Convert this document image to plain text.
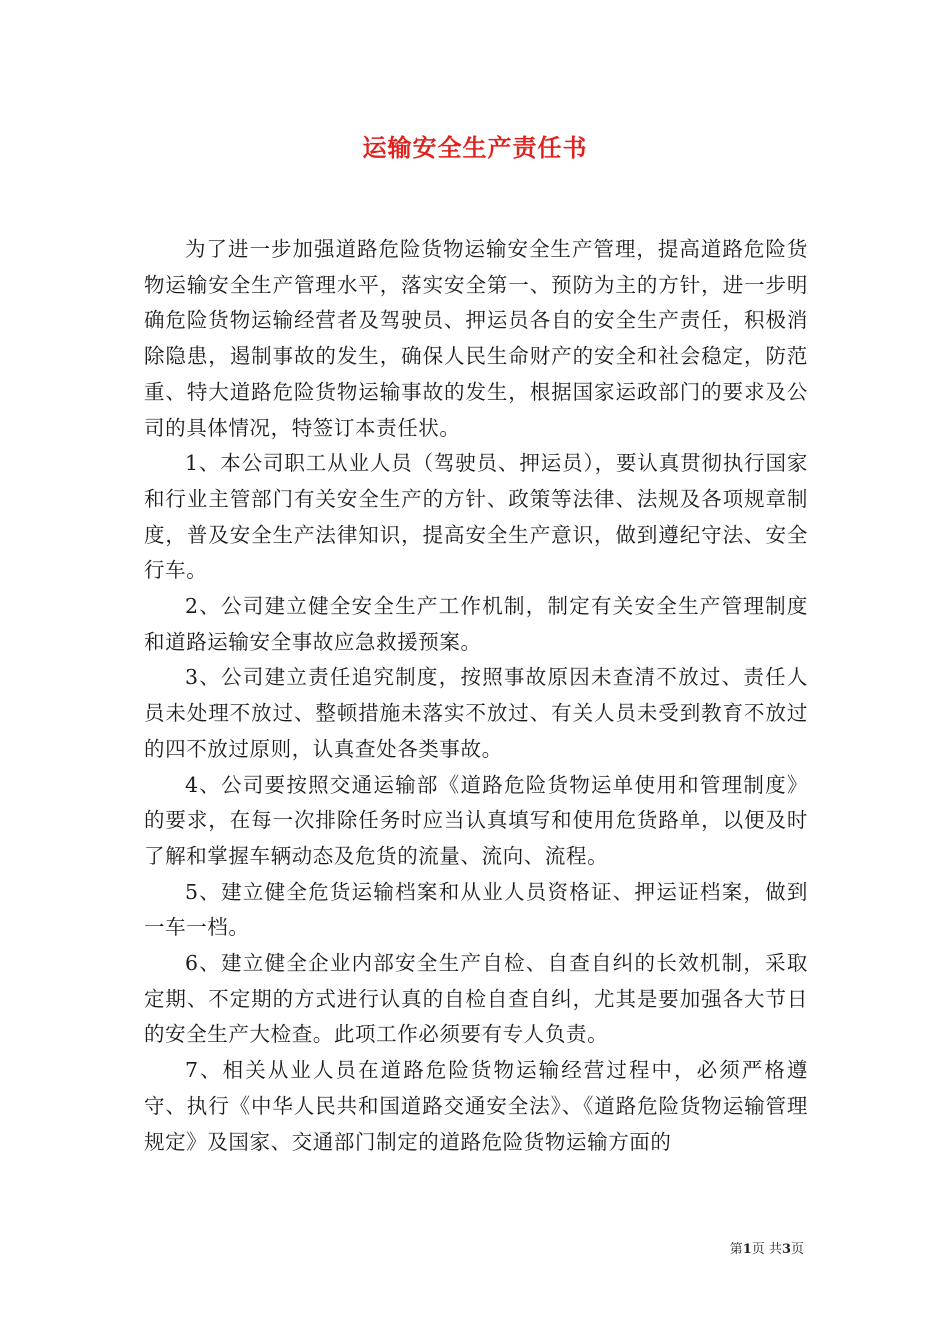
运输安全生产责任书

为了进一步加强道路危险货物运输安全生产管理，提高道路危险货物运输安全生产管理水平，落实安全第一、预防为主的方针，进一步明确危险货物运输经营者及驾驶员、押运员各自的安全生产责任，积极消除隐患，遏制事故的发生，确保人民生命财产的安全和社会稳定，防范重、特大道路危险货物运输事故的发生，根据国家运政部门的要求及公司的具体情况，特签订本责任状。

1、本公司职工从业人员（驾驶员、押运员），要认真贯彻执行国家和行业主管部门有关安全生产的方针、政策等法律、法规及各项规章制度，普及安全生产法律知识，提高安全生产意识，做到遵纪守法、安全行车。

2、公司建立健全安全生产工作机制，制定有关安全生产管理制度和道路运输安全事故应急救援预案。

3、公司建立责任追究制度，按照事故原因未查清不放过、责任人员未处理不放过、整顿措施未落实不放过、有关人员未受到教育不放过的四不放过原则，认真查处各类事故。

4、公司要按照交通运输部《道路危险货物运单使用和管理制度》的要求，在每一次排除任务时应当认真填写和使用危货路单，以便及时了解和掌握车辆动态及危货的流量、流向、流程。

5、建立健全危货运输档案和从业人员资格证、押运证档案，做到一车一档。

6、建立健全企业内部安全生产自检、自查自纠的长效机制，采取定期、不定期的方式进行认真的自检自查自纠，尤其是要加强各大节日的安全生产大检查。此项工作必须要有专人负责。

7、相关从业人员在道路危险货物运输经营过程中，必须严格遵守、执行《中华人民共和国道路交通安全法》、《道路危险货物运输管理规定》及国家、交通部门制定的道路危险货物运输方面的

第1页 共3页
